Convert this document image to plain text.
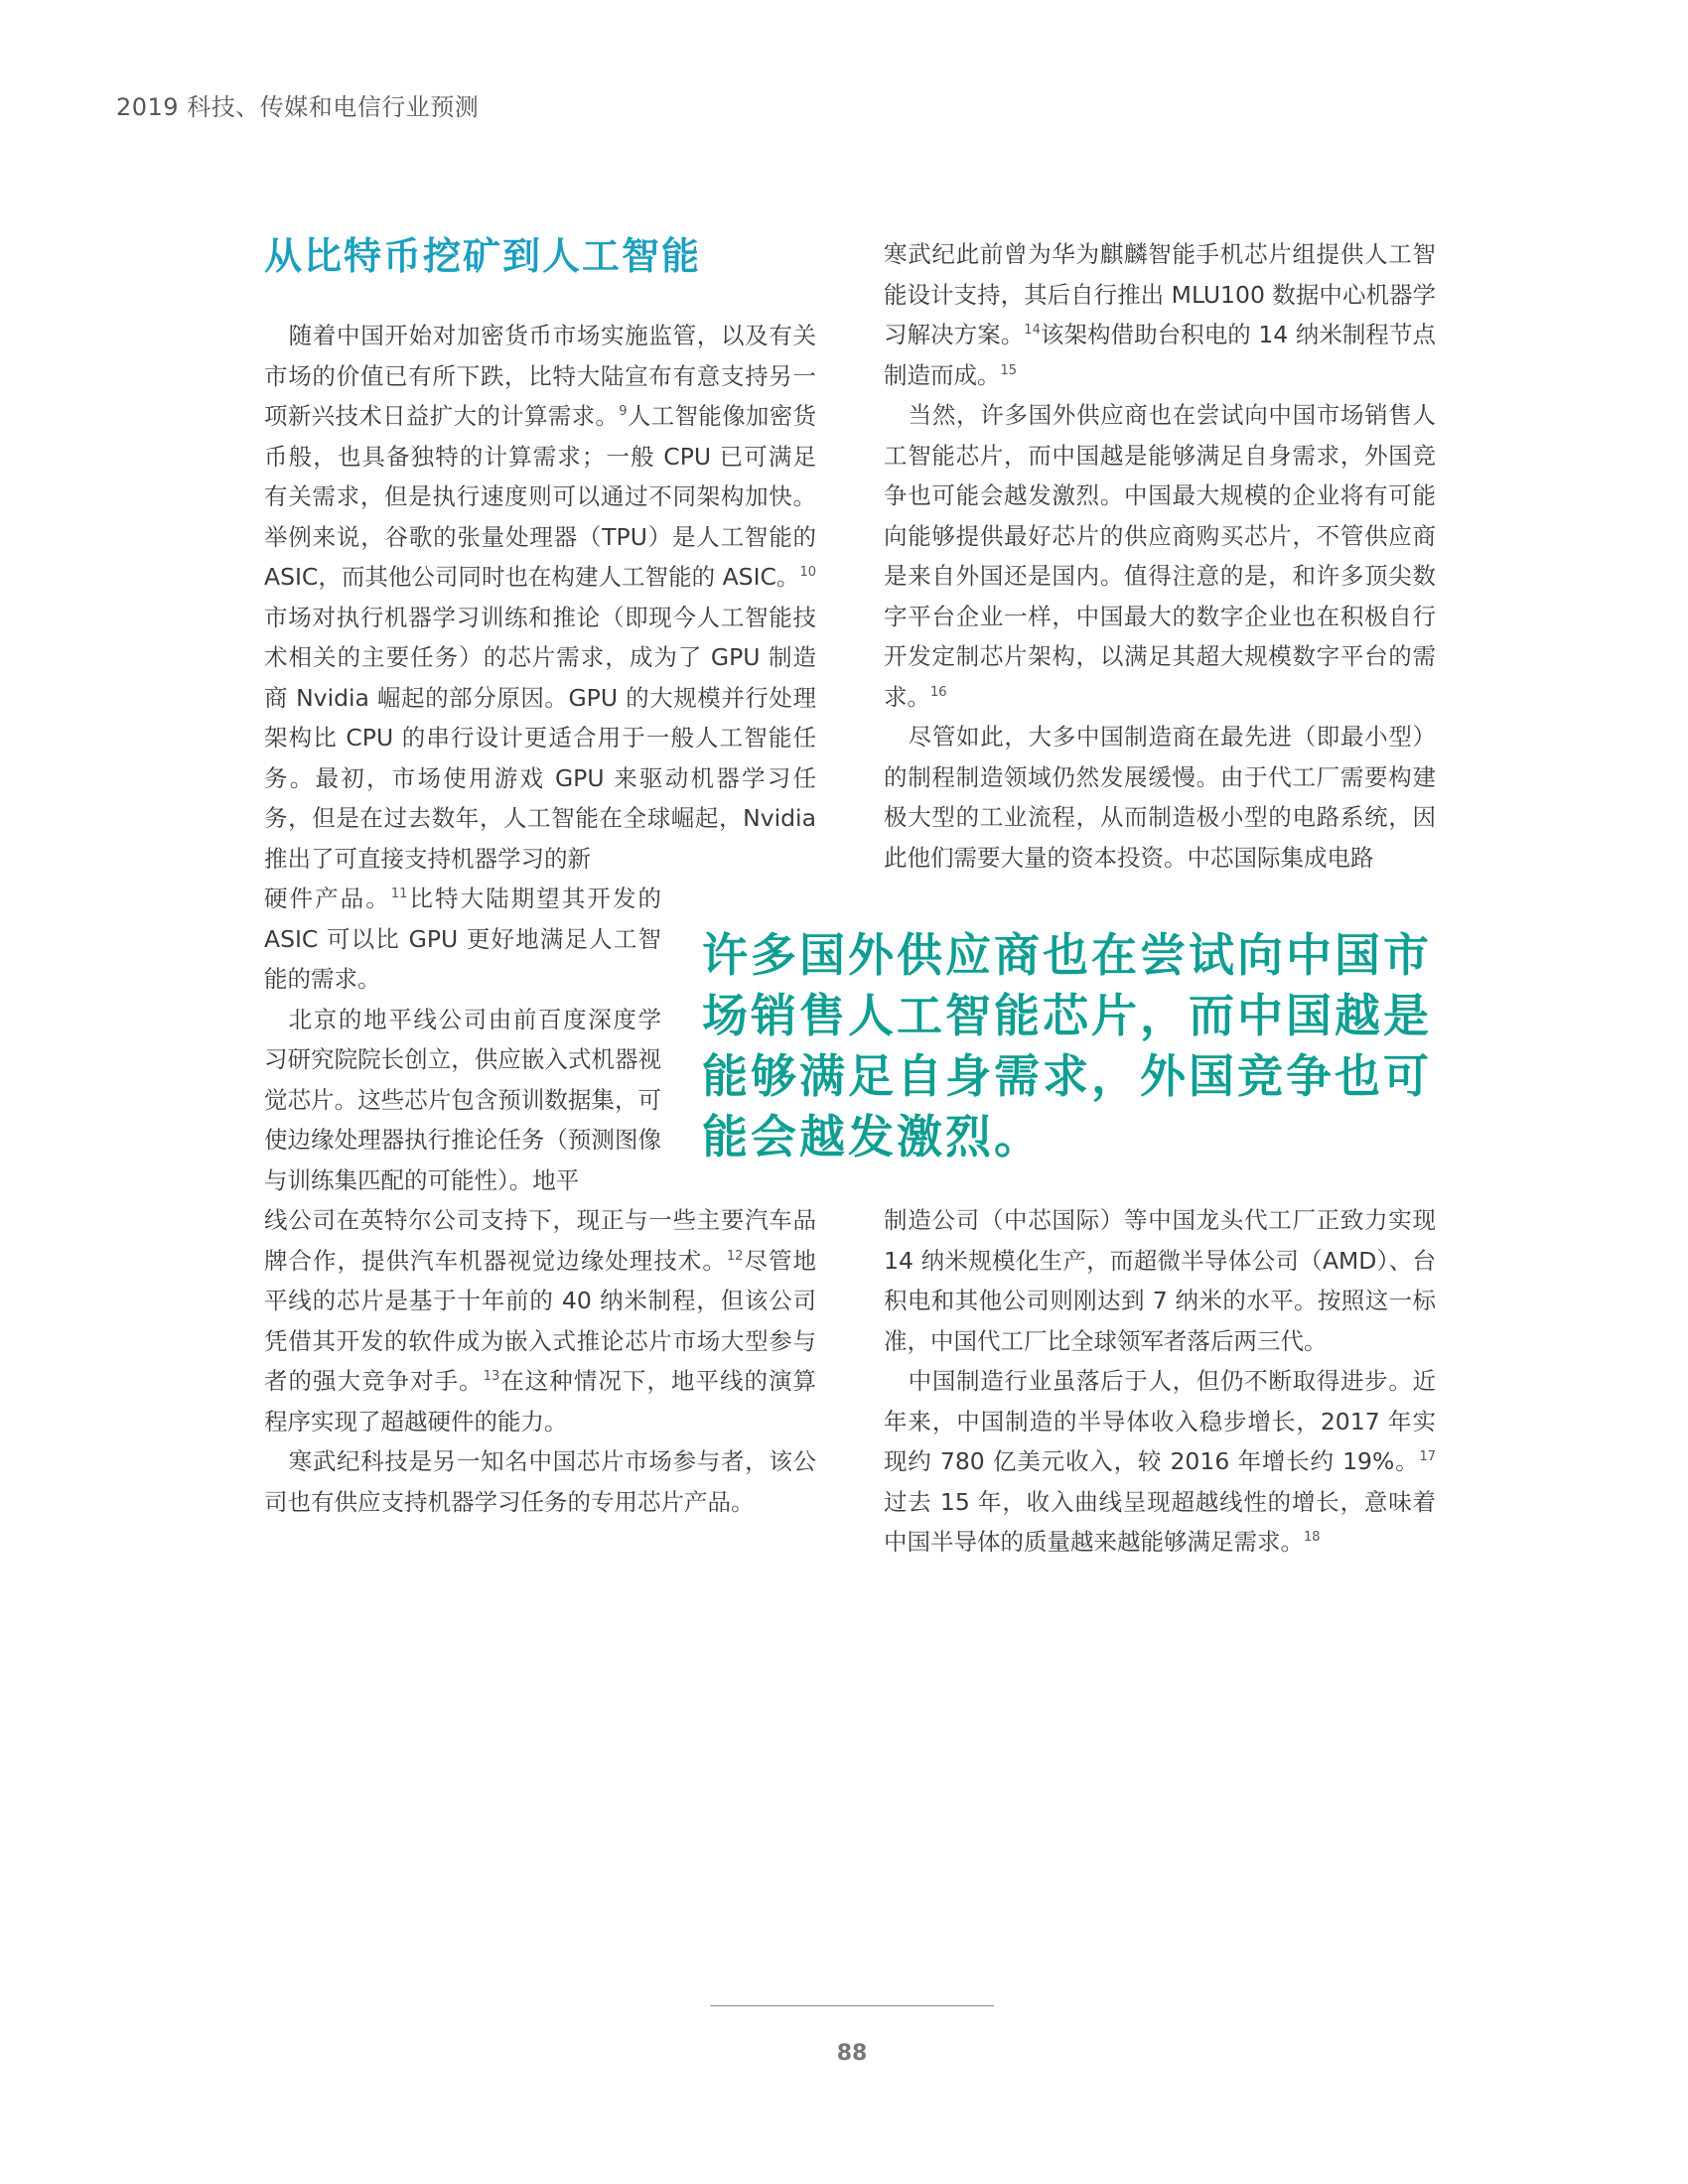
2019 科技、传媒和电信行业预测
从比特币挖矿到人工智能

随着中国开始对加密货币市场实施监管，以及有关市场的价值已有所下跌，比特大陆宣布有意支持另一项新兴技术日益扩大的计算需求。$^9$人工智能像加密货币般，也具备独特的计算需求；一般 CPU 已可满足有关需求，但是执行速度则可以通过不同架构加快。举例来说，谷歌的张量处理器（TPU）是人工智能的 ASIC，而其他公司同时也在构建人工智能的 ASIC。$^{10}$市场对执行机器学习训练和推论（即现今人工智能技术相关的主要任务）的芯片需求，成为了 GPU 制造商 Nvidia 崛起的部分原因。GPU 的大规模并行处理架构比 CPU 的串行设计更适合用于一般人工智能任务。最初，市场使用游戏 GPU 来驱动机器学习任务，但是在过去数年，人工智能在全球崛起，Nvidia 推出了可直接支持机器学习的新

硬件产品。$^{11}$比特大陆期望其开发的 ASIC 可以比 GPU 更好地满足人工智能的需求。

北京的地平线公司由前百度深度学习研究院院长创立，供应嵌入式机器视觉芯片。这些芯片包含预训数据集，可使边缘处理器执行推论任务（预测图像与训练集匹配的可能性）。地平

线公司在英特尔公司支持下，现正与一些主要汽车品牌合作，提供汽车机器视觉边缘处理技术。$^{12}$尽管地平线的芯片是基于十年前的 40 纳米制程，但该公司凭借其开发的软件成为嵌入式推论芯片市场大型参与者的强大竞争对手。$^{13}$在这种情况下，地平线的演算程序实现了超越硬件的能力。

寒武纪科技是另一知名中国芯片市场参与者，该公司也有供应支持机器学习任务的专用芯片产品。

寒武纪此前曾为华为麒麟智能手机芯片组提供人工智能设计支持，其后自行推出 MLU100 数据中心机器学习解决方案。$^{14}$该架构借助台积电的 14 纳米制程节点制造而成。$^{15}$

当然，许多国外供应商也在尝试向中国市场销售人工智能芯片，而中国越是能够满足自身需求，外国竞争也可能会越发激烈。中国最大规模的企业将有可能向能够提供最好芯片的供应商购买芯片，不管供应商是来自外国还是国内。值得注意的是，和许多顶尖数字平台企业一样，中国最大的数字企业也在积极自行开发定制芯片架构，以满足其超大规模数字平台的需求。$^{16}$

尽管如此，大多中国制造商在最先进（即最小型）的制程制造领域仍然发展缓慢。由于代工厂需要构建极大型的工业流程，从而制造极小型的电路系统，因此他们需要大量的资本投资。中芯国际集成电路

制造公司（中芯国际）等中国龙头代工厂正致力实现 14 纳米规模化生产，而超微半导体公司（AMD）、台积电和其他公司则刚达到 7 纳米的水平。按照这一标准，中国代工厂比全球领军者落后两三代。

中国制造行业虽落后于人，但仍不断取得进步。近年来，中国制造的半导体收入稳步增长，2017 年实现约 780 亿美元收入，较 2016 年增长约 19%。$^{17}$过去 15 年，收入曲线呈现超越线性的增长，意味着中国半导体的质量越来越能够满足需求。$^{18}$

许多国外供应商也在尝试向中国市场销售人工智能芯片，而中国越是能够满足自身需求，外国竞争也可能会越发激烈。
88
